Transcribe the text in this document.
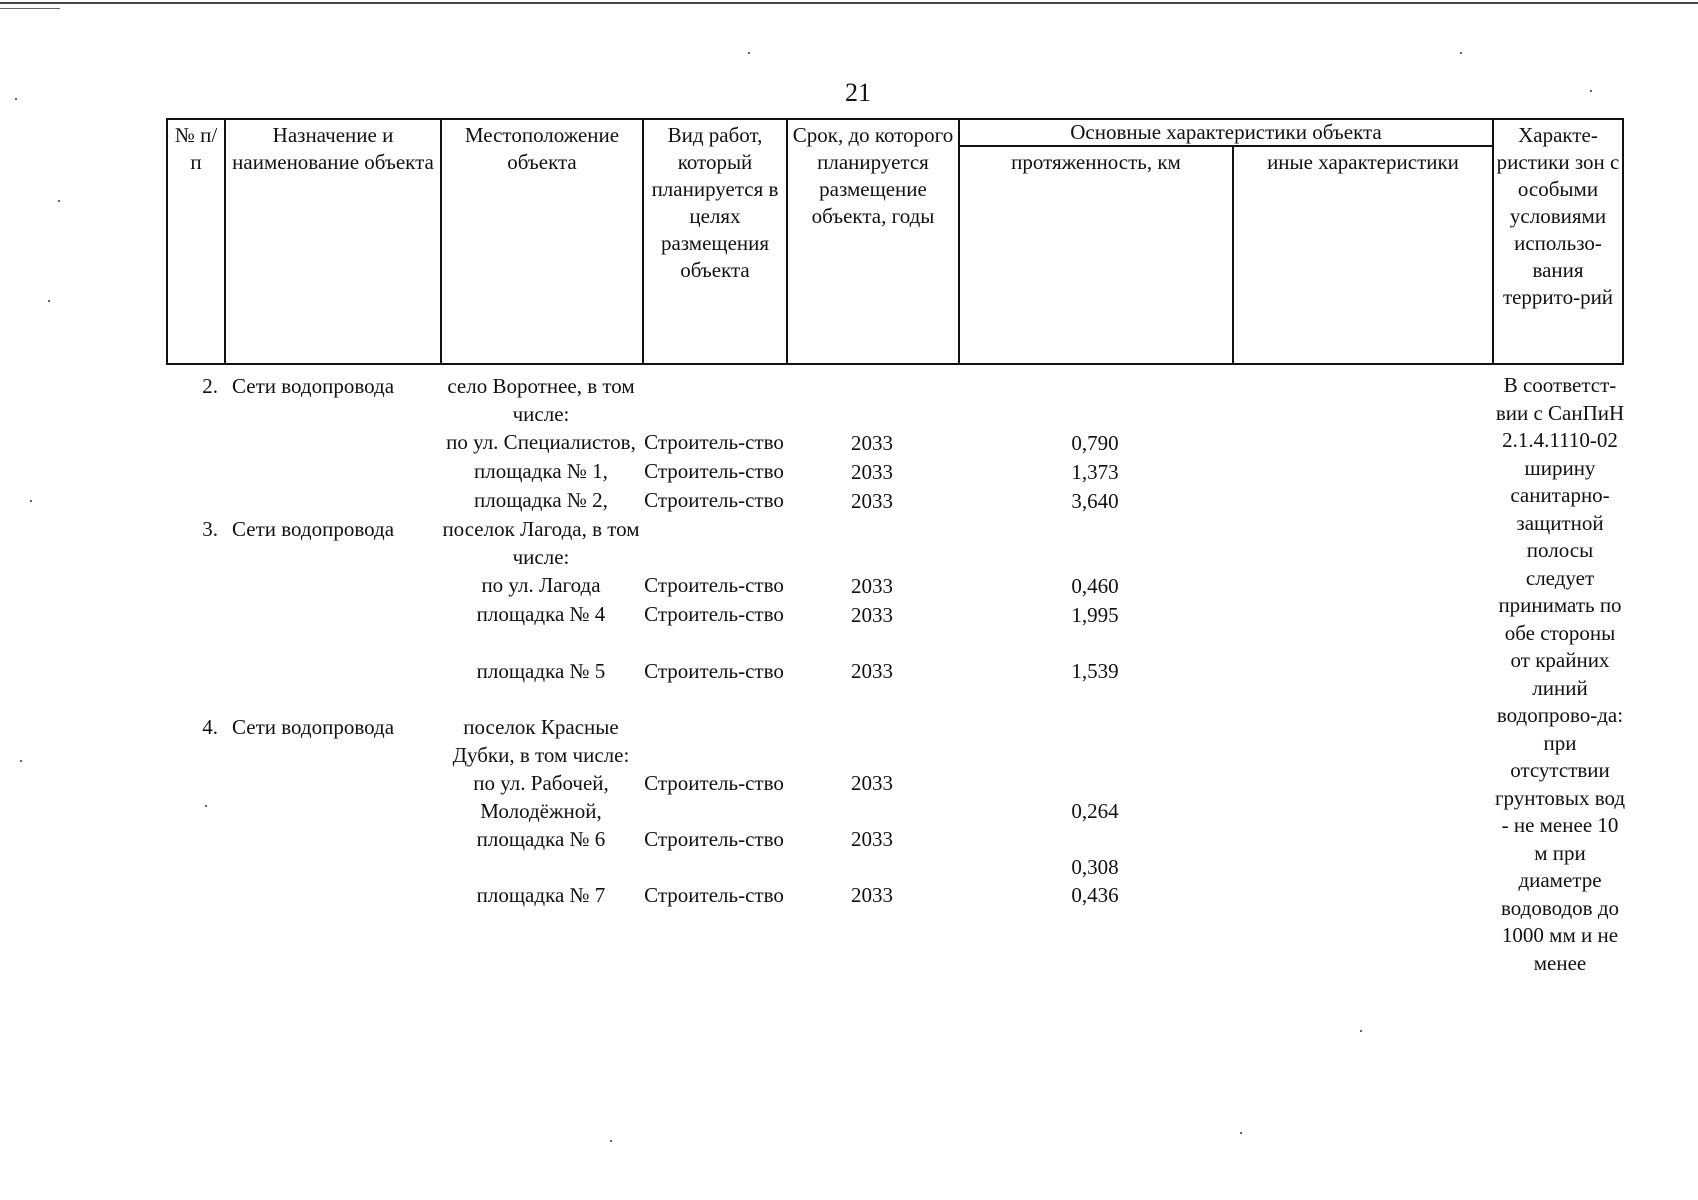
21
№ п/п	Назначение и наименование объекта	Местоположение объекта	Вид работ, который планируется в целях размещения объекта	Срок, до которого планируется размещение объекта, годы	Основные характеристики объекта		Характе-ристики зон с особыми условиями использо-вания террито-рий
					протяженность, км	иные характеристики	
2.	Сети водопровода	село Воротнее, в том числе:				
		по ул. Специалистов,	Строитель-ство	2033	0,790	
		площадка № 1,	Строитель-ство	2033	1,373	
		площадка № 2,	Строитель-ство	2033	3,640	
3.	Сети водопровода	поселок Лагода, в том числе:				
		по ул. Лагода	Строитель-ство	2033	0,460	
		площадка № 4	Строитель-ство	2033	1,995	
		площадка № 5	Строитель-ство	2033	1,539	
4.	Сети водопровода	поселок Красные Дубки, в том числе:				
		по ул. Рабочей, Молодёжной,	Строитель-ство	2033	0,264	
		площадка № 6	Строитель-ство	2033	0,308	
		площадка № 7	Строитель-ство	2033	0,436	
В соответст-вии с СанПиН 2.1.4.1110-02 ширину санитарно-защитной полосы следует принимать по обе стороны от крайних линий водопрово-да: при отсутствии грунтовых вод - не менее 10 м при диаметре водоводов до 1000 мм и не менее
